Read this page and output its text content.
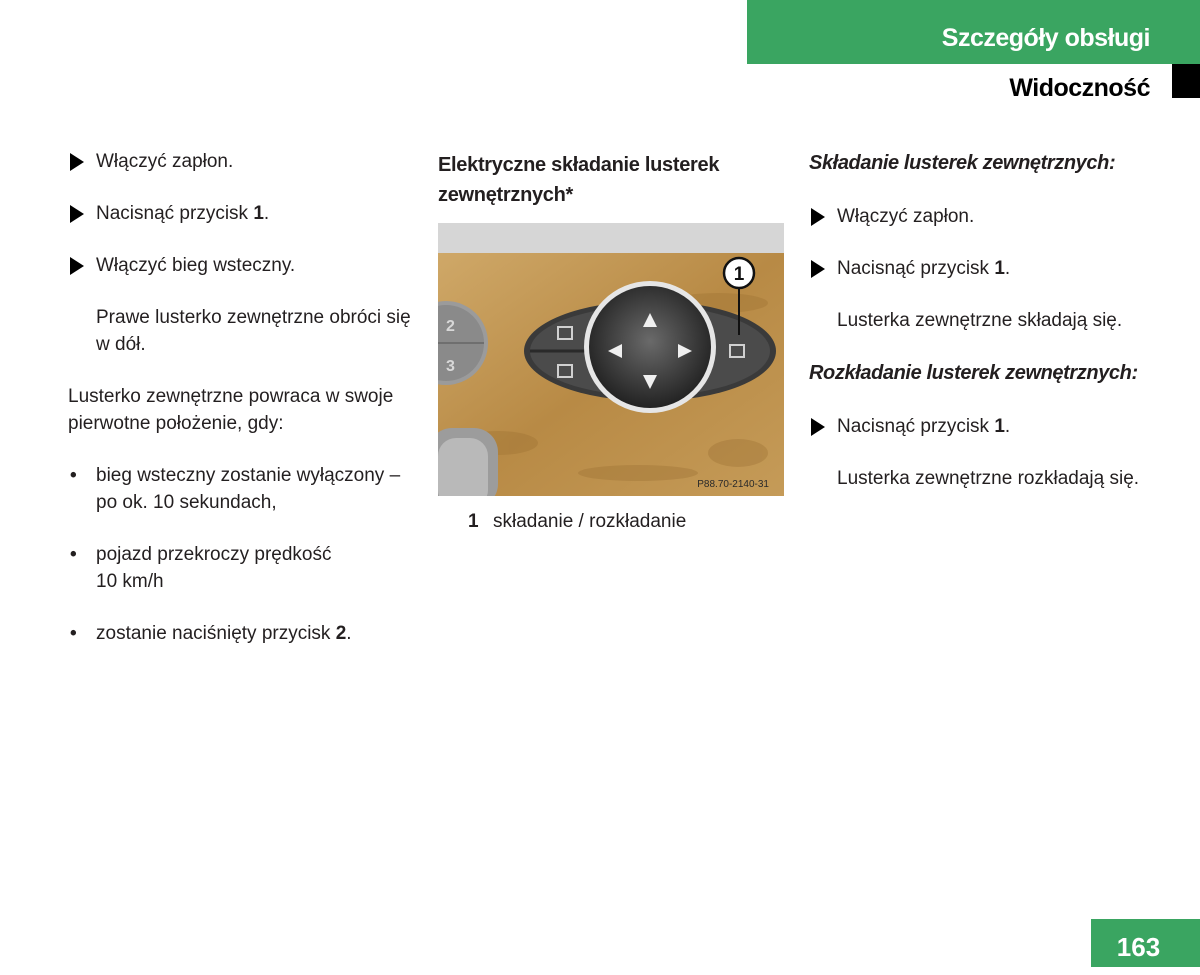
Szczegóły obsługi
Widoczność
Włączyć zapłon.
Nacisnąć przycisk 1.
Włączyć bieg wsteczny.
Prawe lusterko zewnętrzne obróci się
w dół.
Lusterko zewnętrzne powraca w swoje
pierwotne położenie, gdy:
• bieg wsteczny zostanie wyłączony –
po ok. 10 sekundach,
• pojazd przekroczy prędkość
10 km/h
• zostanie naciśnięty przycisk 2.
Elektryczne składanie lusterek
zewnętrznych*
2
3
1
P88.70-2140-31
1 składanie / rozkładanie
Składanie lusterek zewnętrznych:
Włączyć zapłon.
Nacisnąć przycisk 1.
Lusterka zewnętrzne składają się.
Rozkładanie lusterek zewnętrznych:
Nacisnąć przycisk 1.
Lusterka zewnętrzne rozkładają się.
163
